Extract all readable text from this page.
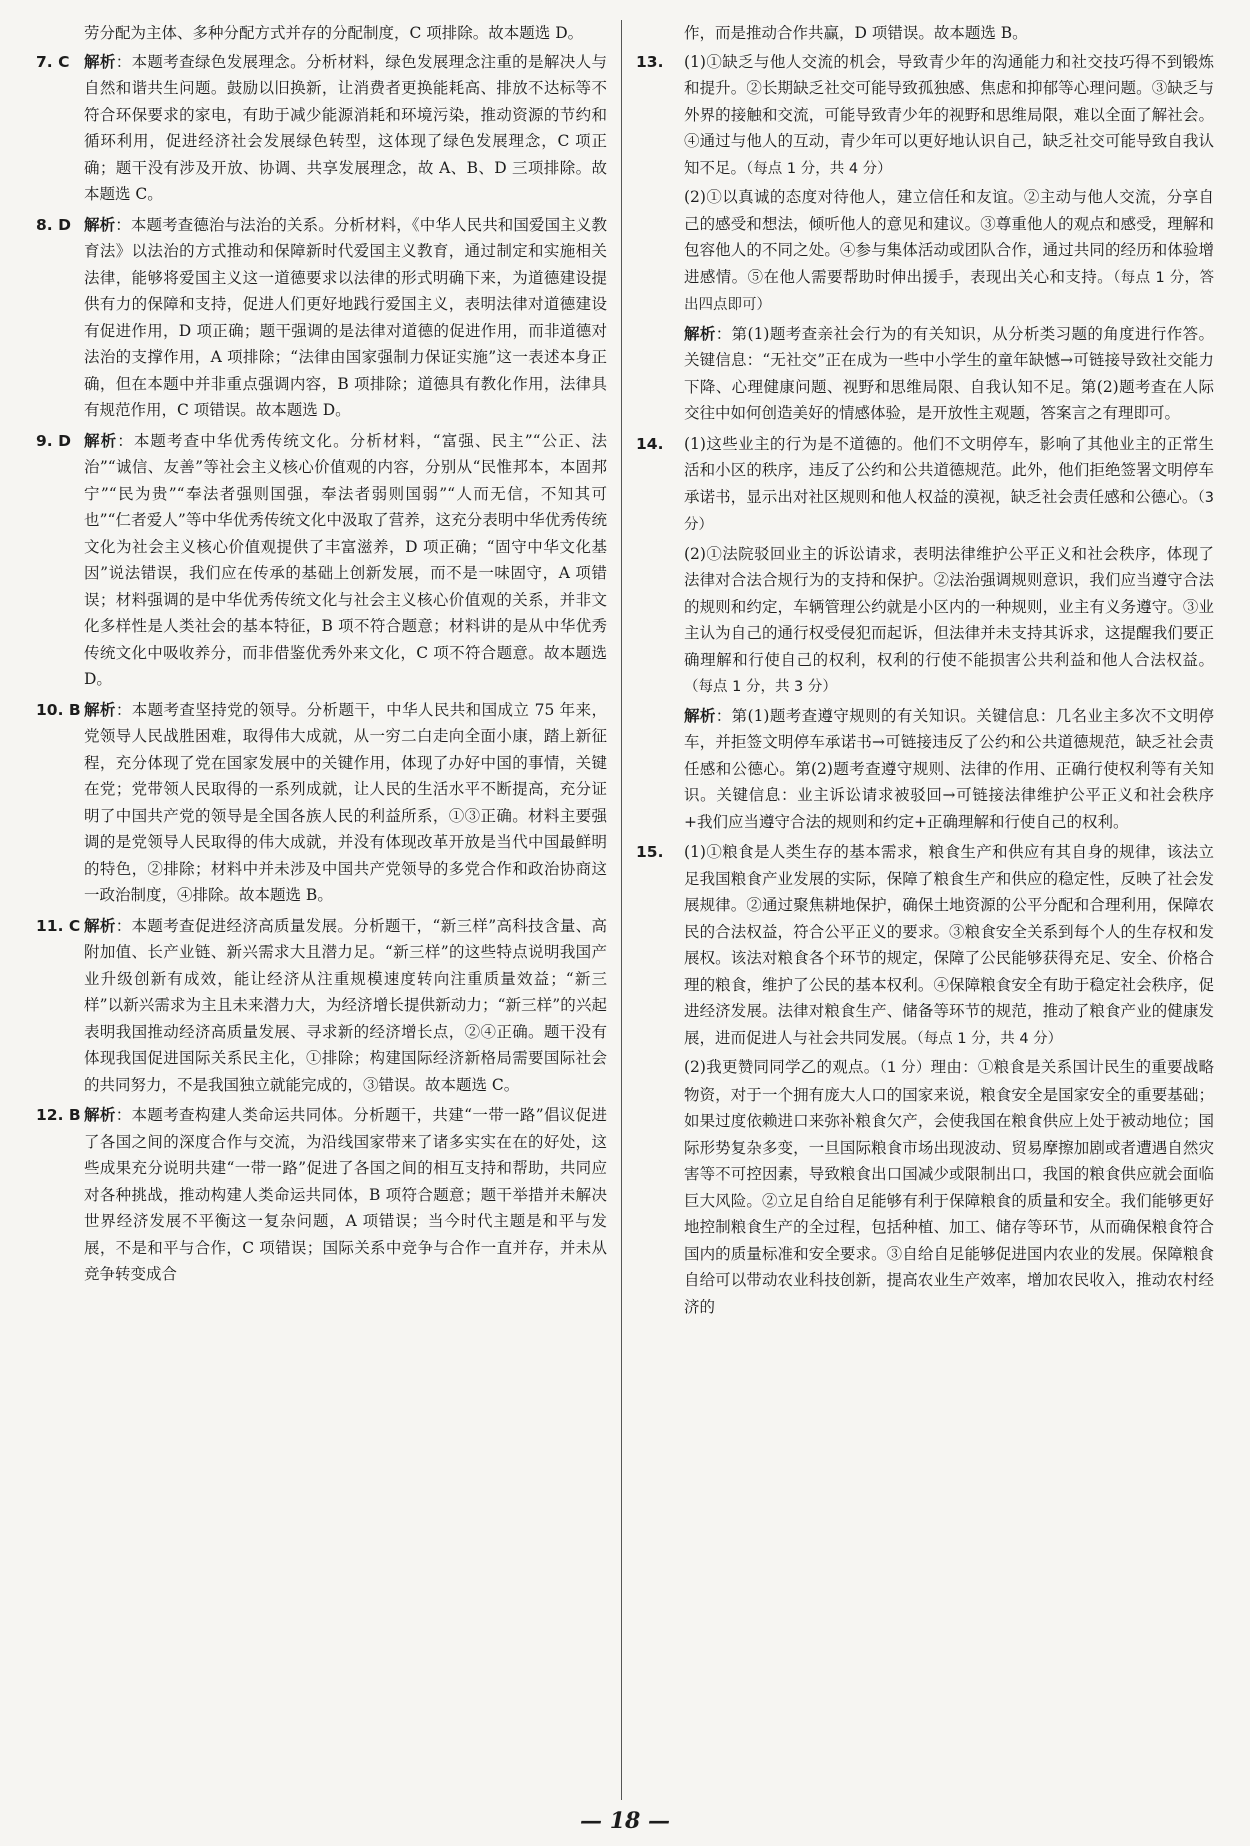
劳分配为主体、多种分配方式并存的分配制度，C 项排除。故本题选 D。

7. C 解析：本题考查绿色发展理念。分析材料，绿色发展理念注重的是解决人与自然和谐共生问题。鼓励以旧换新，让消费者更换能耗高、排放不达标等不符合环保要求的家电，有助于减少能源消耗和环境污染，推动资源的节约和循环利用，促进经济社会发展绿色转型，这体现了绿色发展理念，C 项正确；题干没有涉及开放、协调、共享发展理念，故 A、B、D 三项排除。故本题选 C。

8. D 解析：本题考查德治与法治的关系。分析材料，《中华人民共和国爱国主义教育法》以法治的方式推动和保障新时代爱国主义教育，通过制定和实施相关法律，能够将爱国主义这一道德要求以法律的形式明确下来，为道德建设提供有力的保障和支持，促进人们更好地践行爱国主义，表明法律对道德建设有促进作用，D 项正确；题干强调的是法律对道德的促进作用，而非道德对法治的支撑作用，A 项排除；“法律由国家强制力保证实施”这一表述本身正确，但在本题中并非重点强调内容，B 项排除；道德具有教化作用，法律具有规范作用，C 项错误。故本题选 D。

9. D 解析：本题考查中华优秀传统文化。分析材料，“富强、民主”“公正、法治”“诚信、友善”等社会主义核心价值观的内容，分别从“民惟邦本，本固邦宁”“民为贵”“奉法者强则国强，奉法者弱则国弱”“人而无信，不知其可也”“仁者爱人”等中华优秀传统文化中汲取了营养，这充分表明中华优秀传统文化为社会主义核心价值观提供了丰富滋养，D 项正确；“固守中华文化基因”说法错误，我们应在传承的基础上创新发展，而不是一味固守，A 项错误；材料强调的是中华优秀传统文化与社会主义核心价值观的关系，并非文化多样性是人类社会的基本特征，B 项不符合题意；材料讲的是从中华优秀传统文化中吸收养分，而非借鉴优秀外来文化，C 项不符合题意。故本题选 D。

10. B 解析：本题考查坚持党的领导。分析题干，中华人民共和国成立 75 年来，党领导人民战胜困难，取得伟大成就，从一穷二白走向全面小康，踏上新征程，充分体现了党在国家发展中的关键作用，体现了办好中国的事情，关键在党；党带领人民取得的一系列成就，让人民的生活水平不断提高，充分证明了中国共产党的领导是全国各族人民的利益所系，①③正确。材料主要强调的是党领导人民取得的伟大成就，并没有体现改革开放是当代中国最鲜明的特色，②排除；材料中并未涉及中国共产党领导的多党合作和政治协商这一政治制度，④排除。故本题选 B。

11. C 解析：本题考查促进经济高质量发展。分析题干，“新三样”高科技含量、高附加值、长产业链、新兴需求大且潜力足。“新三样”的这些特点说明我国产业升级创新有成效，能让经济从注重规模速度转向注重质量效益；“新三样”以新兴需求为主且未来潜力大，为经济增长提供新动力；“新三样”的兴起表明我国推动经济高质量发展、寻求新的经济增长点，②④正确。题干没有体现我国促进国际关系民主化，①排除；构建国际经济新格局需要国际社会的共同努力，不是我国独立就能完成的，③错误。故本题选 C。

12. B 解析：本题考查构建人类命运共同体。分析题干，共建“一带一路”倡议促进了各国之间的深度合作与交流，为沿线国家带来了诸多实实在在的好处，这些成果充分说明共建“一带一路”促进了各国之间的相互支持和帮助，共同应对各种挑战，推动构建人类命运共同体，B 项符合题意；题干举措并未解决世界经济发展不平衡这一复杂问题，A 项错误；当今时代主题是和平与发展，不是和平与合作，C 项错误；国际关系中竞争与合作一直并存，并未从竞争转变成合

作，而是推动合作共赢，D 项错误。故本题选 B。

13.	(1)①缺乏与他人交流的机会，导致青少年的沟通能力和社交技巧得不到锻炼和提升。②长期缺乏社交可能导致孤独感、焦虑和抑郁等心理问题。③缺乏与外界的接触和交流，可能导致青少年的视野和思维局限，难以全面了解社会。④通过与他人的互动，青少年可以更好地认识自己，缺乏社交可能导致自我认知不足。（每点 1 分，共 4 分）

(2)①以真诚的态度对待他人，建立信任和友谊。②主动与他人交流，分享自己的感受和想法，倾听他人的意见和建议。③尊重他人的观点和感受，理解和包容他人的不同之处。④参与集体活动或团队合作，通过共同的经历和体验增进感情。⑤在他人需要帮助时伸出援手，表现出关心和支持。（每点 1 分，答出四点即可）

解析：第(1)题考查亲社会行为的有关知识，从分析类习题的角度进行作答。关键信息：“无社交”正在成为一些中小学生的童年缺憾→可链接导致社交能力下降、心理健康问题、视野和思维局限、自我认知不足。第(2)题考查在人际交往中如何创造美好的情感体验，是开放性主观题，答案言之有理即可。

14.	(1)这些业主的行为是不道德的。他们不文明停车，影响了其他业主的正常生活和小区的秩序，违反了公约和公共道德规范。此外，他们拒绝签署文明停车承诺书，显示出对社区规则和他人权益的漠视，缺乏社会责任感和公德心。（3 分）

(2)①法院驳回业主的诉讼请求，表明法律维护公平正义和社会秩序，体现了法律对合法合规行为的支持和保护。②法治强调规则意识，我们应当遵守合法的规则和约定，车辆管理公约就是小区内的一种规则，业主有义务遵守。③业主认为自己的通行权受侵犯而起诉，但法律并未支持其诉求，这提醒我们要正确理解和行使自己的权利，权利的行使不能损害公共利益和他人合法权益。（每点 1 分，共 3 分）

解析：第(1)题考查遵守规则的有关知识。关键信息：几名业主多次不文明停车，并拒签文明停车承诺书→可链接违反了公约和公共道德规范，缺乏社会责任感和公德心。第(2)题考查遵守规则、法律的作用、正确行使权利等有关知识。关键信息：业主诉讼请求被驳回→可链接法律维护公平正义和社会秩序+我们应当遵守合法的规则和约定+正确理解和行使自己的权利。

15.	(1)①粮食是人类生存的基本需求，粮食生产和供应有其自身的规律，该法立足我国粮食产业发展的实际，保障了粮食生产和供应的稳定性，反映了社会发展规律。②通过聚焦耕地保护，确保土地资源的公平分配和合理利用，保障农民的合法权益，符合公平正义的要求。③粮食安全关系到每个人的生存权和发展权。该法对粮食各个环节的规定，保障了公民能够获得充足、安全、价格合理的粮食，维护了公民的基本权利。④保障粮食安全有助于稳定社会秩序，促进经济发展。法律对粮食生产、储备等环节的规范，推动了粮食产业的健康发展，进而促进人与社会共同发展。（每点 1 分，共 4 分）

(2)我更赞同同学乙的观点。（1 分）理由：①粮食是关系国计民生的重要战略物资，对于一个拥有庞大人口的国家来说，粮食安全是国家安全的重要基础；如果过度依赖进口来弥补粮食欠产，会使我国在粮食供应上处于被动地位；国际形势复杂多变，一旦国际粮食市场出现波动、贸易摩擦加剧或者遭遇自然灾害等不可控因素，导致粮食出口国减少或限制出口，我国的粮食供应就会面临巨大风险。②立足自给自足能够有利于保障粮食的质量和安全。我们能够更好地控制粮食生产的全过程，包括种植、加工、储存等环节，从而确保粮食符合国内的质量标准和安全要求。③自给自足能够促进国内农业的发展。保障粮食自给可以带动农业科技创新，提高农业生产效率，增加农民收入，推动农村经济的

— 18 —
